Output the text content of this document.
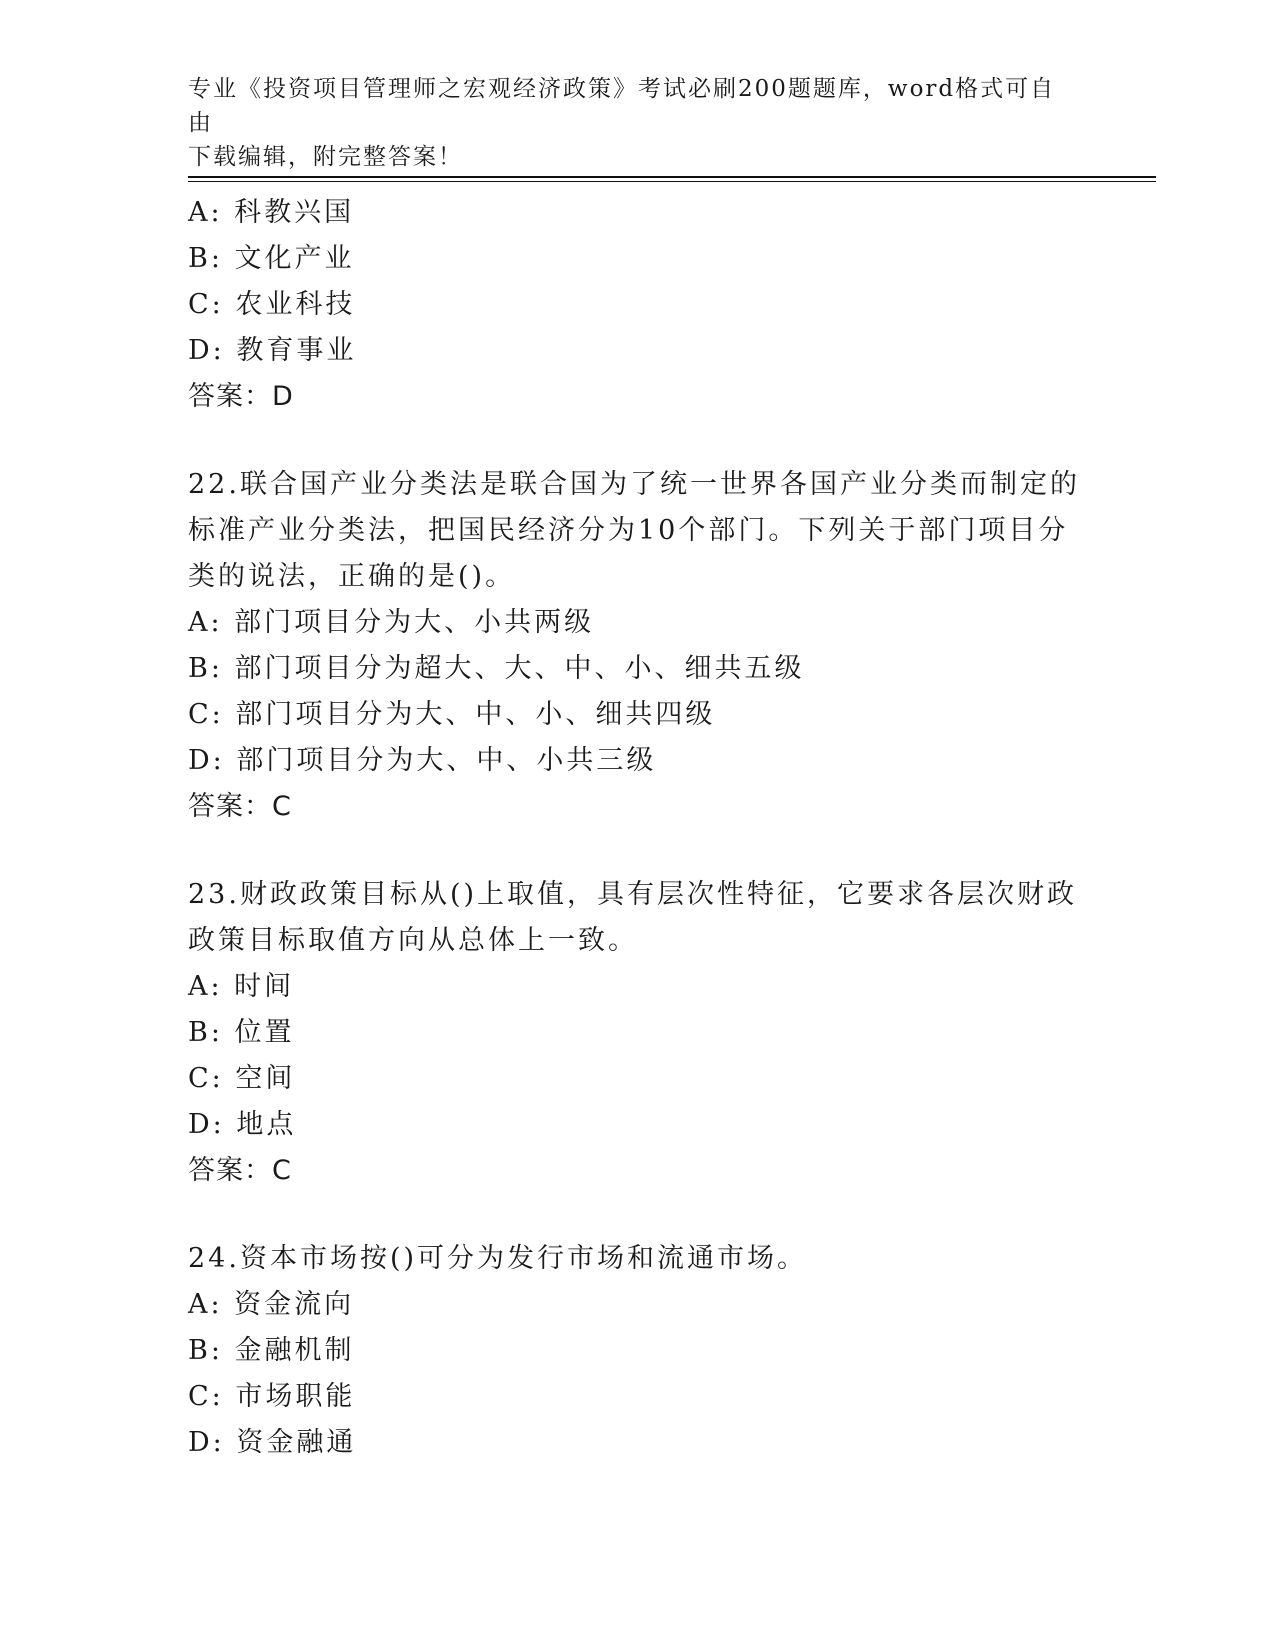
专业《投资项目管理师之宏观经济政策》考试必刷200题题库，word格式可自由
下载编辑，附完整答案！
A: 科教兴国
B: 文化产业
C: 农业科技
D: 教育事业
答案：D
22.联合国产业分类法是联合国为了统一世界各国产业分类而制定的标准产业分类法，把国民经济分为10个部门。下列关于部门项目分类的说法，正确的是()。
A: 部门项目分为大、小共两级
B: 部门项目分为超大、大、中、小、细共五级
C: 部门项目分为大、中、小、细共四级
D: 部门项目分为大、中、小共三级
答案：C
23.财政政策目标从()上取值，具有层次性特征，它要求各层次财政政策目标取值方向从总体上一致。
A: 时间
B: 位置
C: 空间
D: 地点
答案：C
24.资本市场按()可分为发行市场和流通市场。
A: 资金流向
B: 金融机制
C: 市场职能
D: 资金融通
